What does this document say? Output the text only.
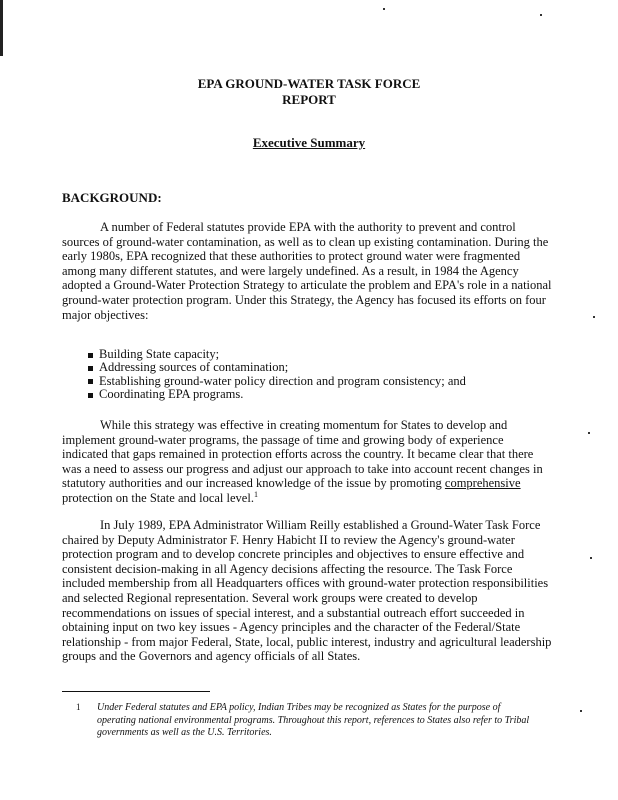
EPA GROUND-WATER TASK FORCE
REPORT
Executive Summary
BACKGROUND:

A number of Federal statutes provide EPA with the authority to prevent and control sources of ground-water contamination, as well as to clean up existing contamination. During the early 1980s, EPA recognized that these authorities to protect ground water were fragmented among many different statutes, and were largely undefined. As a result, in 1984 the Agency adopted a Ground-Water Protection Strategy to articulate the problem and EPA's role in a national ground-water protection program. Under this Strategy, the Agency has focused its efforts on four major objectives:

Building State capacity;
Addressing sources of contamination;
Establishing ground-water policy direction and program consistency; and
Coordinating EPA programs.

While this strategy was effective in creating momentum for States to develop and implement ground-water programs, the passage of time and growing body of experience indicated that gaps remained in protection efforts across the country. It became clear that there was a need to assess our progress and adjust our approach to take into account recent changes in statutory authorities and our increased knowledge of the issue by promoting comprehensive protection on the State and local level.$^1$

In July 1989, EPA Administrator William Reilly established a Ground-Water Task Force chaired by Deputy Administrator F. Henry Habicht II to review the Agency's ground-water protection program and to develop concrete principles and objectives to ensure effective and consistent decision-making in all Agency decisions affecting the resource. The Task Force included membership from all Headquarters offices with ground-water protection responsibilities and selected Regional representation. Several work groups were created to develop recommendations on issues of special interest, and a substantial outreach effort succeeded in obtaining input on two key issues - Agency principles and the character of the Federal/State relationship - from major Federal, State, local, public interest, industry and agricultural leadership groups and the Governors and agency officials of all States.

1 Under Federal statutes and EPA policy, Indian Tribes may be recognized as States for the purpose of operating national environmental programs. Throughout this report, references to States also refer to Tribal governments as well as the U.S. Territories.
